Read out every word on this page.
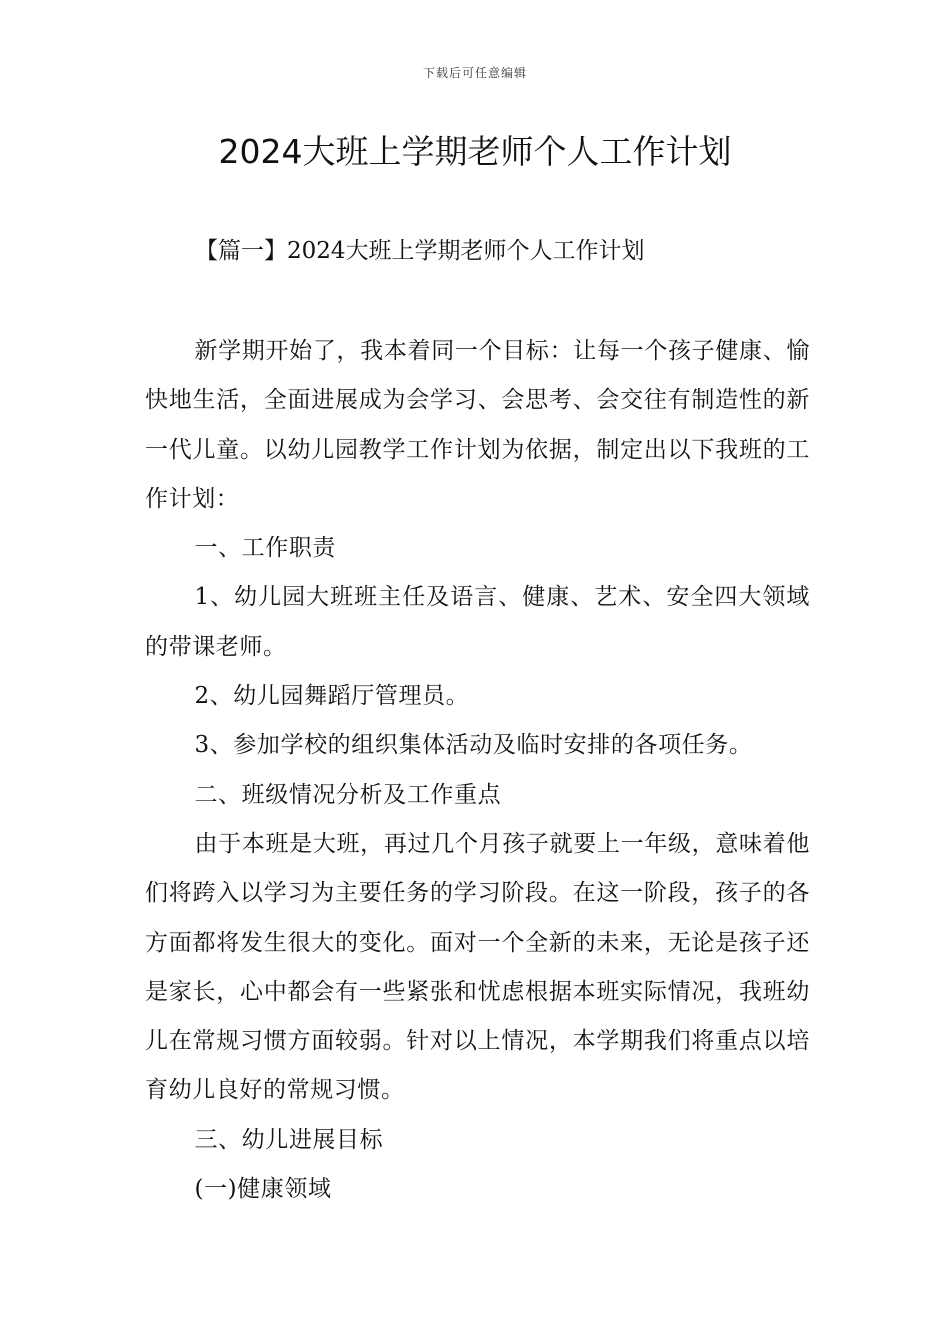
下载后可任意编辑
2024大班上学期老师个人工作计划
【篇一】2024大班上学期老师个人工作计划

新学期开始了，我本着同一个目标：让每一个孩子健康、愉快地生活，全面进展成为会学习、会思考、会交往有制造性的新一代儿童。以幼儿园教学工作计划为依据，制定出以下我班的工作计划：

一、工作职责

1、幼儿园大班班主任及语言、健康、艺术、安全四大领域的带课老师。

2、幼儿园舞蹈厅管理员。

3、参加学校的组织集体活动及临时安排的各项任务。

二、班级情况分析及工作重点

由于本班是大班，再过几个月孩子就要上一年级，意味着他们将跨入以学习为主要任务的学习阶段。在这一阶段，孩子的各方面都将发生很大的变化。面对一个全新的未来，无论是孩子还是家长，心中都会有一些紧张和忧虑根据本班实际情况，我班幼儿在常规习惯方面较弱。针对以上情况，本学期我们将重点以培育幼儿良好的常规习惯。

三、幼儿进展目标

(一)健康领域
